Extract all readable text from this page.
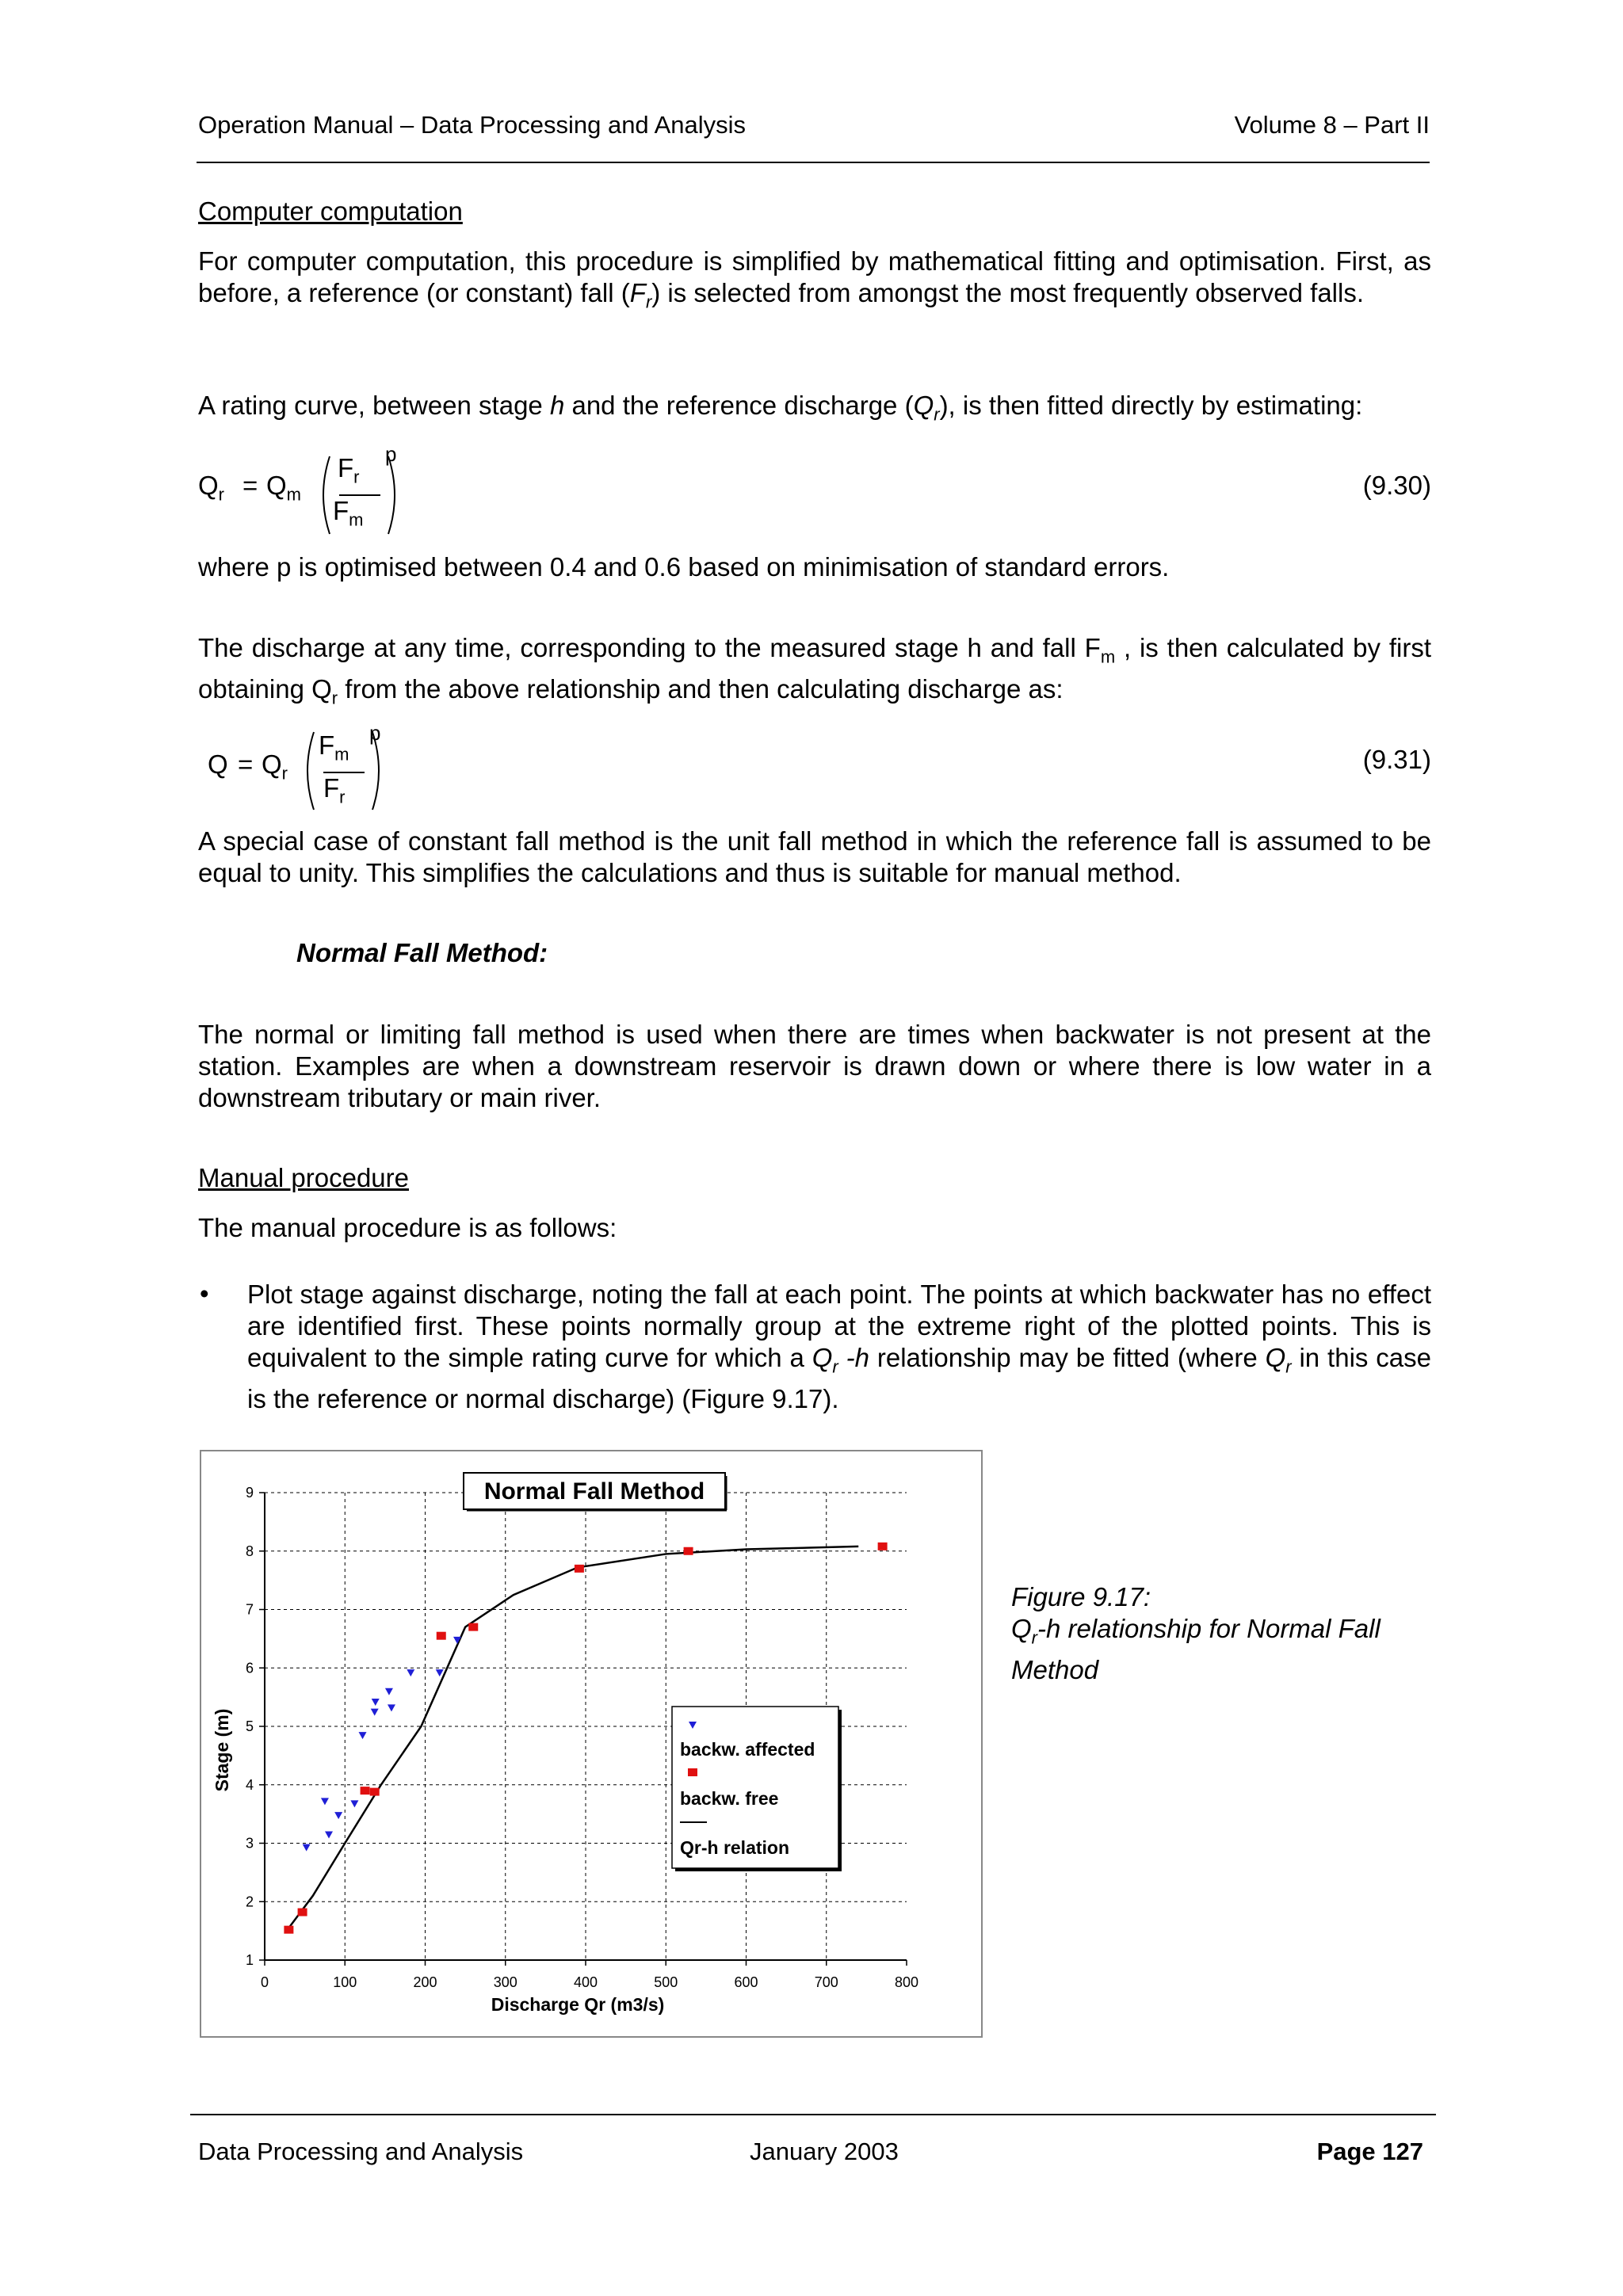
Operation Manual – Data Processing and Analysis	Volume 8 – Part II
Computer computation
For computer computation, this procedure is simplified by mathematical fitting and optimisation. First, as before, a reference (or constant) fall $(F_r)$ is selected from amongst the most frequently observed falls.
A rating curve, between stage h and the reference discharge $(Q_r)$, is then fitted directly by estimating:
$Q_r = Q_m$
$F_r$
$F_m$
p
(9.30)
where p is optimised between 0.4 and 0.6 based on minimisation of standard errors.
The discharge at any time, corresponding to the measured stage h and fall $F_m$ , is then calculated by first obtaining $Q_r$ from the above relationship and then calculating discharge as:
$Q = Q_r$
$F_m$
$F_r$
p
(9.31)
A special case of constant fall method is the unit fall method in which the reference fall is assumed to be equal to unity. This simplifies the calculations and thus is suitable for manual method.
Normal Fall Method:
The normal or limiting fall method is used when there are times when backwater is not present at the station. Examples are when a downstream reservoir is drawn down or where there is low water in a downstream tributary or main river.
Manual procedure
The manual procedure is as follows:
• Plot stage against discharge, noting the fall at each point. The points at which backwater has no effect are identified first. These points normally group at the extreme right of the plotted points. This is equivalent to the simple rating curve for which a $Q_r$ -h relationship may be fitted (where $Q_r$ in this case is the reference or normal discharge) (Figure 9.17).
0	100	200	300	400	500	600	700	800
1
2
3
4
5
6
7
8
9
Discharge Qr (m3/s)
Stage (m)
Normal Fall Method
backw. affected
backw. free
Qr-h relation
Figure 9.17:
$Q_r-h$ relationship for Normal Fall
Method
Data Processing and Analysis	January 2003	Page 127
